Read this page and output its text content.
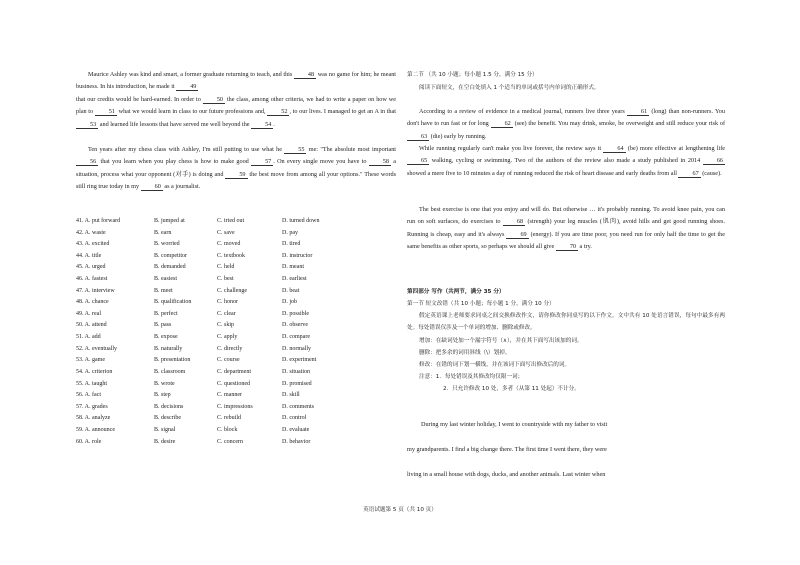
Maurice Ashley was kind and smart, a former graduate returning to teach, and this	48 was no game for him; he meant business. In his introduction, he made it	49
that our credits would be hard-earned. In order to	50 the class, among other criteria, we had to write a paper on how we plan to	51 what we would learn in class to our future professions and,	52 , to our lives. I managed to get an A in that 53 and learned life lessons that have served me well beyond the	54 .

Ten years after my chess class with Ashley, I'm still putting to use what he	55 me: "The absolute most important 56 that you learn when you play chess is how to make good	57 . On every single move you have to	58 a situation, process what your opponent (对手) is doing and	59 the best move from among all your options." These words still ring true today in my	60 as a journalist.

41. A. put forward	B. jumped at	C. tried out	D. turned down
42. A. waste	B. earn	C. save	D. pay
43. A. excited	B. worried	C. moved	D. tired
44. A. title	B. competitor	C. textbook	D. instructor
45. A. urged	B. demanded	C. held	D. meant
46. A. fastest	B. easiest	C. best	D. earliest
47. A. interview	B. meet	C. challenge	D. beat
48. A. chance	B. qualification	C. honor	D. job
49. A. real	B. perfect	C. clear	D. possible
50. A. attend	B. pass	C. skip	D. observe
51. A. add	B. expose	C. apply	D. compare
52. A. eventually	B. naturally	C. directly	D. normally
53. A. game	B. presentation	C. course	D. experiment
54. A. criterion	B. classroom	C. department	D. situation
55. A. taught	B. wrote	C. questioned	D. promised
56. A. fact	B. step	C. manner	D. skill
57. A. grades	B. decisions	C. impressions	D. comments
58. A. analyze	B. describe	C. rebuild	D. control
59. A. announce	B. signal	C. block	D. evaluate
60. A. role	B. desire	C. concern	D. behavior

第二节 （共 10 小题；每小题 1.5 分，满分 15 分）

阅读下面短文，在空白处填入 1 个适当的单词或括号内单词的正确形式。

According to a review of evidence in a medical journal, runners live three years	61 (long) than non-runners. You don't have to run fast or for long	62 (see) the benefit. You may drink, smoke, be overweight and still reduce your risk of 63 (die) early by running.

While running regularly can't make you live forever, the review says it	64 (be) more effective at lengthening life 65 walking, cycling or swimming. Two of the authors of the review also made a study published in 2014	66 showed a mere five to 10 minutes a day of running reduced the risk of heart disease and early deaths from all	67 (cause).

The best exercise is one that you enjoy and will do. But otherwise … it's probably running. To avoid knee pain, you can run on soft surfaces, do exercises to	68 (strength) your leg muscles (肌肉), avoid hills and get good running shoes. Running is cheap, easy and it's always	69 (energy). If you are time poor, you need run for only half the time to get the same benefits as other sports, so perhaps we should all give	70 a try.

第四部分 写作（共两节，满分 35 分）

第一节 短文改错（共 10 小题；每小题 1 分，满分 10 分）

假定英语课上老师要求同桌之间交换修改作文，请你修改你同桌写的以下作文。文中共有 10 处语言错误，每句中最多有两处。每处错误仅涉及一个单词的增加、删除或修改。

增加：在缺词处加一个漏字符号（∧），并在其下面写出该加的词。

删除：把多余的词用斜线（\）划掉。

修改：在错的词下划一横线，并在该词下面写出修改后的词。

注意：1．每处错误及其修改均仅限一词；

2．只允许修改 10 处，多者（从第 11 处起）不计分。

During my last winter holiday, I went to countryside with my father to visit

my grandparents. I find a big change there. The first time I went there, they were

living in a small house with dogs, ducks, and another animals. Last winter when

英语试题第 5 页（共 10 页）
